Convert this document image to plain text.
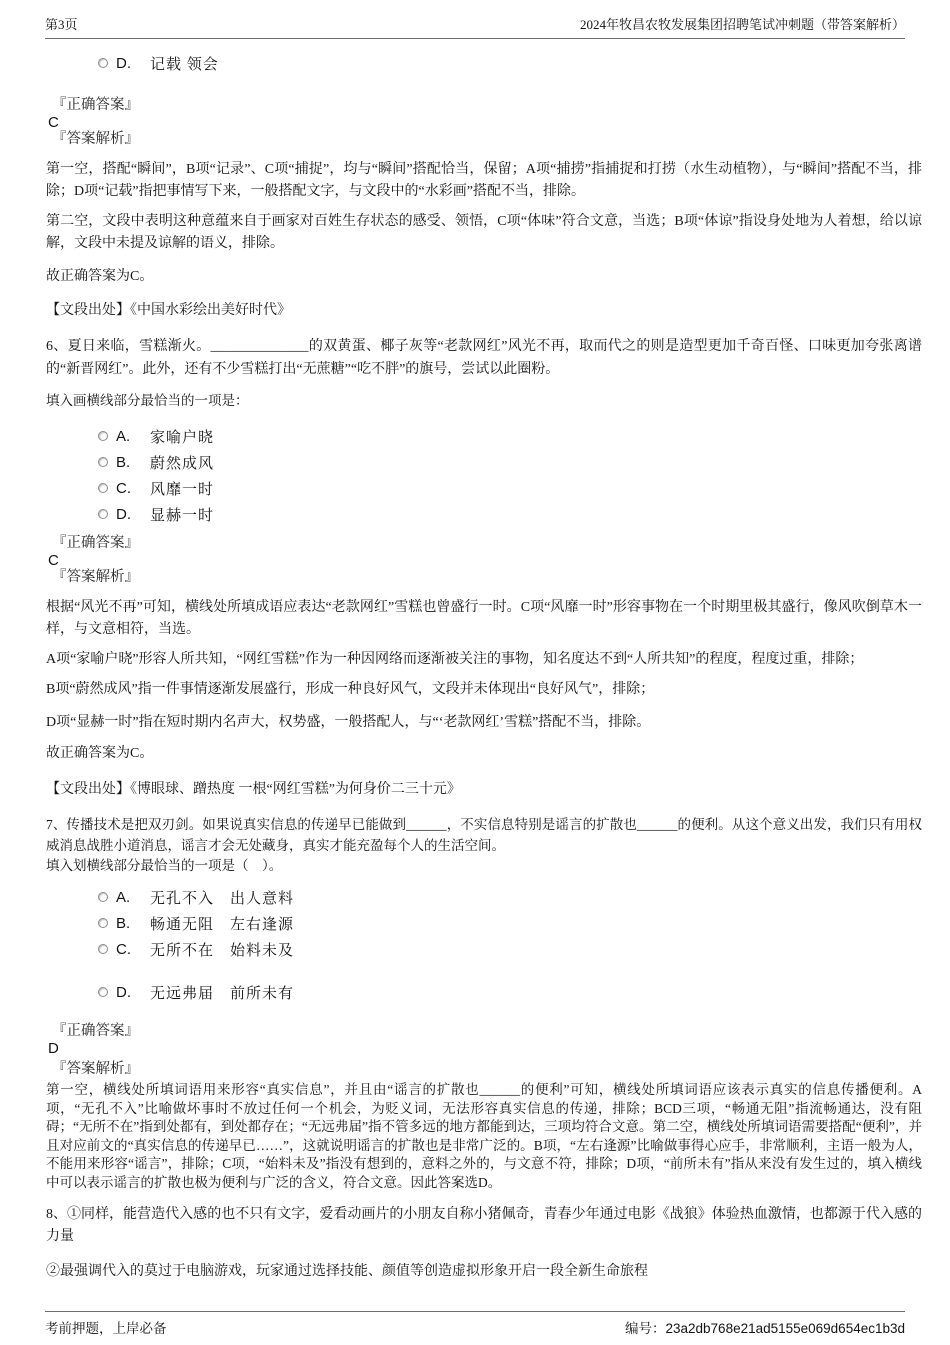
第3页	2024年牧昌农牧发展集团招聘笔试冲刺题（带答案解析）
D.	记载 领会
『正确答案』
C
『答案解析』

第一空，搭配“瞬间”，B项“记录”、C项“捕捉”，均与“瞬间”搭配恰当，保留；A项“捕捞”指捕捉和打捞（水生动植物），与“瞬间”搭配不当，排除；D项“记载”指把事情写下来，一般搭配文字，与文段中的“水彩画”搭配不当，排除。

第二空，文段中表明这种意蕴来自于画家对百姓生存状态的感受、领悟，C项“体味”符合文意，当选；B项“体谅”指设身处地为人着想，给以谅解，文段中未提及谅解的语义，排除。

故正确答案为C。

【文段出处】《中国水彩绘出美好时代》

6、夏日来临，雪糕渐火。______________的双黄蛋、椰子灰等“老款网红”风光不再，取而代之的则是造型更加千奇百怪、口味更加夸张离谱的“新晋网红”。此外，还有不少雪糕打出“无蔗糖”“吃不胖”的旗号，尝试以此圈粉。

填入画横线部分最恰当的一项是：

A.	家喻户晓
B.	蔚然成风
C.	风靡一时
D.	显赫一时
『正确答案』
C
『答案解析』

根据“风光不再”可知，横线处所填成语应表达“老款网红”雪糕也曾盛行一时。C项“风靡一时”形容事物在一个时期里极其盛行，像风吹倒草木一样，与文意相符，当选。

A项“家喻户晓”形容人所共知，“网红雪糕”作为一种因网络而逐渐被关注的事物，知名度达不到“人所共知”的程度，程度过重，排除；

B项“蔚然成风”指一件事情逐渐发展盛行，形成一种良好风气，文段并未体现出“良好风气”，排除；

D项“显赫一时”指在短时期内名声大，权势盛，一般搭配人，与“‘老款网红’雪糕”搭配不当，排除。

故正确答案为C。

【文段出处】《博眼球、蹭热度 一根“网红雪糕”为何身价二三十元》

7、传播技术是把双刃剑。如果说真实信息的传递早已能做到______，不实信息特别是谣言的扩散也______的便利。从这个意义出发，我们只有用权威消息战胜小道消息，谣言才会无处藏身，真实才能充盈每个人的生活空间。

填入划横线部分最恰当的一项是（　）。

A.	无孔不入　出人意料
B.	畅通无阻　左右逢源
C.	无所不在　始料未及
D.	无远弗届　前所未有
『正确答案』
D
『答案解析』

第一空，横线处所填词语用来形容“真实信息”，并且由“谣言的扩散也______的便利”可知，横线处所填词语应该表示真实的信息传播便利。A项，“无孔不入”比喻做坏事时不放过任何一个机会，为贬义词，无法形容真实信息的传递，排除；BCD三项，“畅通无阻”指流畅通达，没有阻碍；“无所不在”指到处都有，到处都存在；“无远弗届”指不管多远的地方都能到达，三项均符合文意。第二空，横线处所填词语需要搭配“便利”，并且对应前文的“真实信息的传递早已……”，这就说明谣言的扩散也是非常广泛的。B项，“左右逢源”比喻做事得心应手，非常顺利，主语一般为人，不能用来形容“谣言”，排除；C项，“始料未及”指没有想到的，意料之外的，与文意不符，排除；D项，“前所未有”指从来没有发生过的，填入横线中可以表示谣言的扩散也极为便利与广泛的含义，符合文意。因此答案选D。

8、①同样，能营造代入感的也不只有文字，爱看动画片的小朋友自称小猪佩奇，青春少年通过电影《战狼》体验热血激情，也都源于代入感的力量

②最强调代入的莫过于电脑游戏，玩家通过选择技能、颜值等创造虚拟形象开启一段全新生命旅程

考前押题，上岸必备	编号：23a2db768e21ad5155e069d654ec1b3d
